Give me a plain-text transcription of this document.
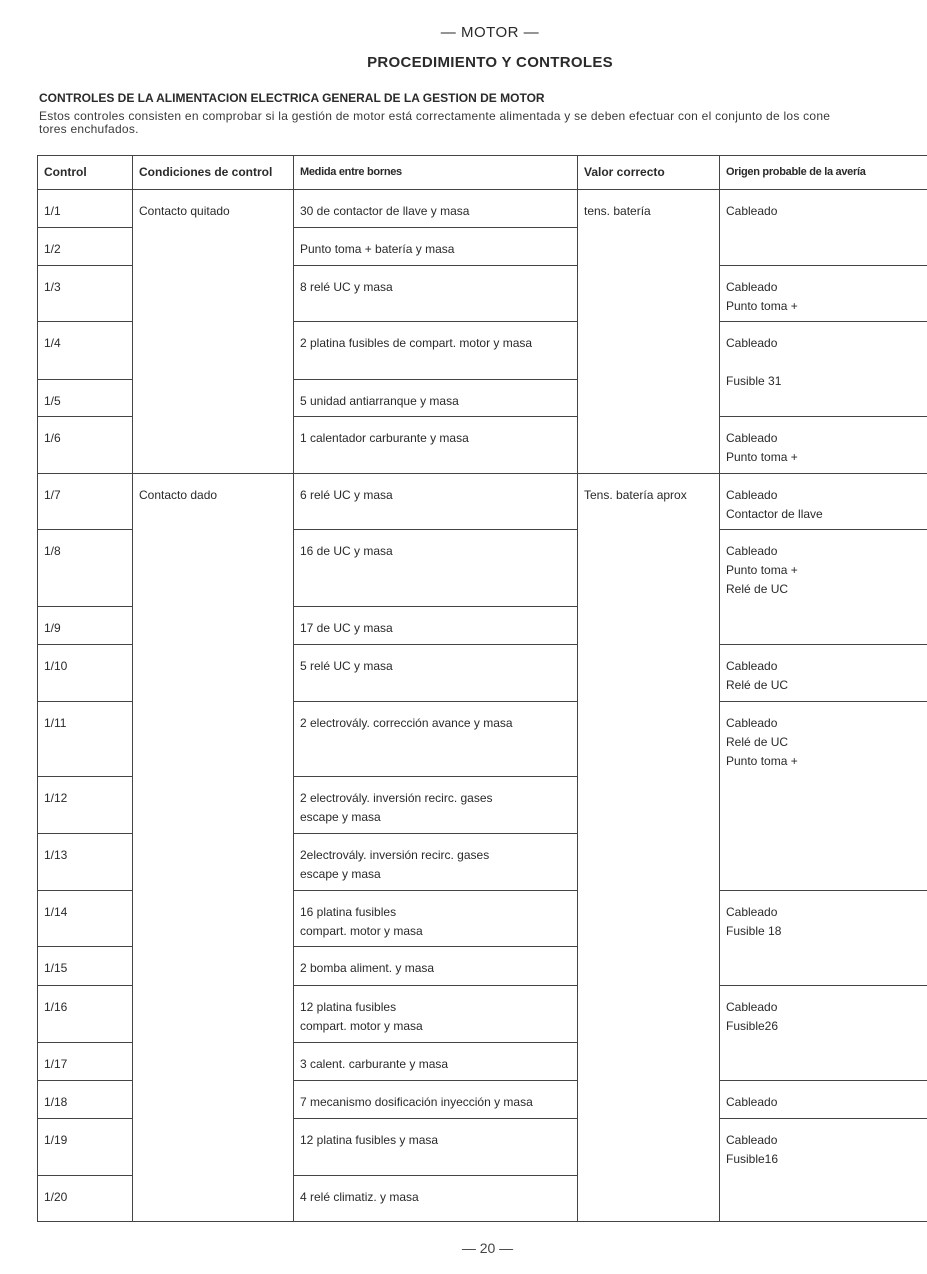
— MOTOR —
PROCEDIMIENTO Y CONTROLES
CONTROLES DE LA ALIMENTACION ELECTRICA GENERAL DE LA GESTION DE MOTOR
Estos controles consisten en comprobar si la gestión de motor está correctamente alimentada y se deben efectuar con el conjunto de los cone
tores enchufados.
Control	Condiciones de control	Medida entre bornes	Valor correcto	Origen probable de la avería
1/1	Contacto quitado	30 de contactor de llave y masa	tens. batería	Cableado
1/2		Punto toma + batería y masa		
1/3		8 relé UC y masa		Cableado
Punto toma +
1/4		2 platina fusibles de compart. motor y masa		Cableado

Fusible 31
1/5		5 unidad antiarranque y masa		
1/6		1 calentador carburante y masa		Cableado
Punto toma +
1/7	Contacto dado	6 relé UC y masa	Tens. batería aprox	Cableado
Contactor de llave
1/8		16 de UC y masa		Cableado
Punto toma +
Relé de UC
1/9		17 de UC y masa		
1/10		5 relé UC y masa		Cableado
Relé de UC
1/11		2 electrovály. corrección avance y masa		Cableado
Relé de UC
Punto toma +
1/12		2 electrovály. inversión recirc. gases
escape y masa		
1/13		2electrovály. inversión recirc. gases
escape y masa		
1/14		16 platina fusibles
compart. motor y masa		Cableado
Fusible 18
1/15		2 bomba aliment. y masa		
1/16		12 platina fusibles
compart. motor y masa		Cableado
Fusible26
1/17		3 calent. carburante y masa		
1/18		7 mecanismo dosificación inyección y masa		Cableado
1/19		12 platina fusibles y masa		Cableado
Fusible16
1/20		4 relé climatiz. y masa		
— 20 —
